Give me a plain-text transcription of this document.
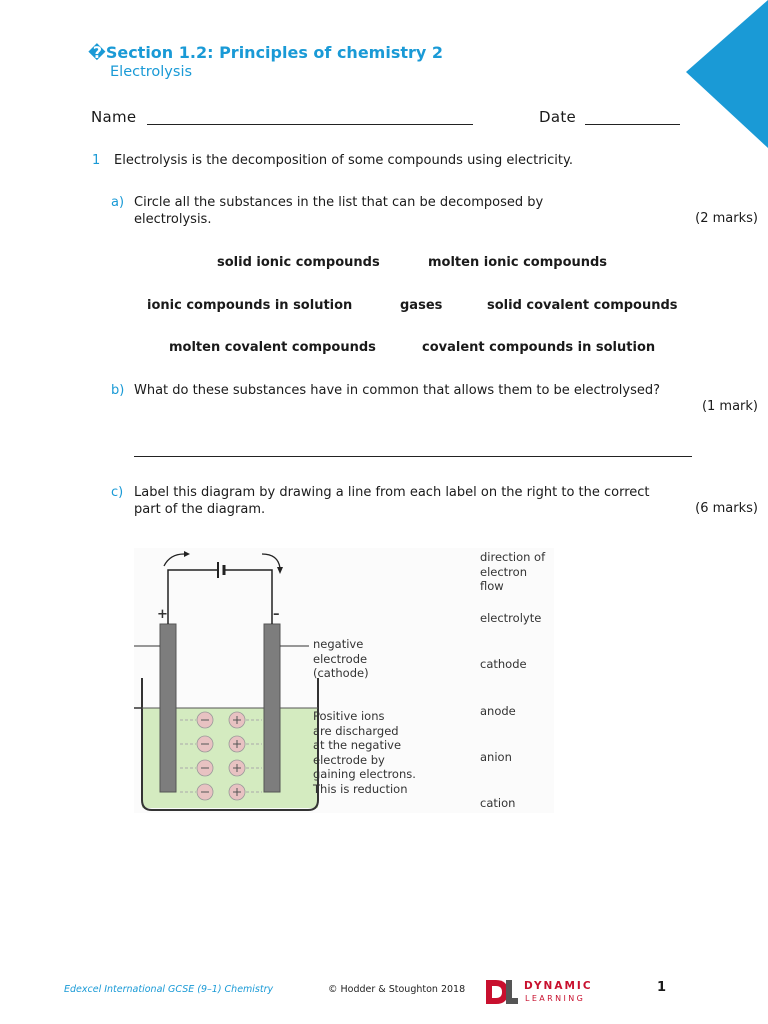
�Section 1.2: Principles of chemistry 2
Electrolysis
Name	Date
1 Electrolysis is the decomposition of some compounds using electricity.
a) Circle all the substances in the list that can be decomposed by
electrolysis.	(2 marks)
solid ionic compounds	molten ionic compounds
ionic compounds in solution	gases	solid covalent compounds
molten covalent compounds	covalent compounds in solution
b) What do these substances have in common that allows them to be electrolysed?
(1 mark)
c) Label this diagram by drawing a line from each label on the right to the correct
part of the diagram.	(6 marks)
+	–
negative
electrode
(cathode)
Positive ions
are discharged
at the negative
electrode by
gaining electrons.
This is reduction
direction of
electron flow
electrolyte
cathode
anode
anion
cation
Edexcel International GCSE (9–1) Chemistry	© Hodder & Stoughton 2018	DYNAMIC
LEARNING
1
